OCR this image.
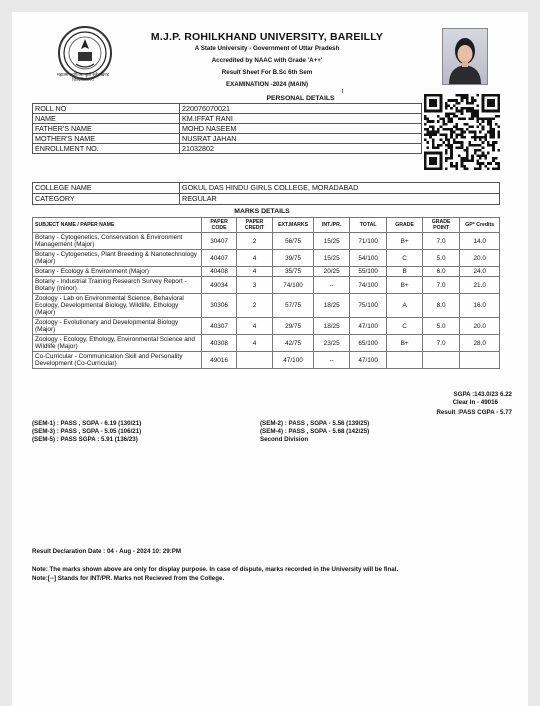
महात्मा ज्योतिबा फुले रुहेलखण्ड विश्वविद्यालय
M.J.P. ROHILKHAND UNIVERSITY, BAREILLY
A State University - Government of Uttar Pradesh
Accredited by NAAC with Grade 'A++'
Result Sheet For B.Sc 6th Sem
EXAMINATION -2024 (MAIN)
	PERSONAL DETAILS
ROLL NO	220076070021
NAME	KM.IFFAT RANI
FATHER'S NAME	MOHD NASEEM
MOTHER'S NAME	NUSRAT JAHAN
ENROLLMENT NO.	21032802
COLLEGE NAME	GOKUL DAS HINDU GIRLS COLLEGE, MORADABAD
CATEGORY	REGULAR
MARKS DETAILS
SUBJECT NAME / PAPER NAME	PAPER CODE	PAPER CREDIT	EXT.MARKS	INT./PR.	TOTAL	GRADE	GRADE POINT	GP* Credits
Botany - Cytogenetics, Conservation & Environment Management (Major)	30407	2	56/75	15/25	71/100	B+	7.0	14.0
Botany - Cytogenetics, Plant Breeding & Nanotechnology (Major)	40407	4	39/75	15/25	54/100	C	5.0	20.0
Botany - Ecology & Environment (Major)	40408	4	35/75	20/25	55/100	B	6.0	24.0
Botany - Industrial Training Research Survey Report - Botany (minor)	49034	3	74/100	--	74/100	B+	7.0	21.0
Zoology - Lab on Environmental Science, Behavioral Ecology, Developmental Biology, Wildlife, Ethology (Major)	30306	2	57/75	18/25	75/100	A	8.0	16.0
Zoology - Evolutionary and Developmental Biology (Major)	40307	4	29/75	18/25	47/100	C	5.0	20.0
Zoology - Ecology, Ethology, Environmental Science and Wildlife (Major)	40308	4	42/75	23/25	65/100	B+	7.0	28.0
Co-Curricular - Communication Skill and Personality Development (Co-Curricular)	49016		47/100	--	47/100			
SGPA :143.0/23 6.22
Clear In - 49016
Result :PASS CGPA - 5.77
(SEM-1) : PASS , SGPA - 6.19 (130/21)
(SEM-3) : PASS , SGPA - 5.05 (106/21)
(SEM-5) : PASS SGPA : 5.91 (136/23)
(SEM-2) : PASS , SGPA - 5.56 (139/25)
(SEM-4) : PASS , SGPA - 5.68 (142/25)
Second Division
Result Declaration Date : 04 - Aug - 2024 10: 29:PM
Note: The marks shown above are only for display purpose. In case of dispute, marks recorded in the University will be final.
Note:[--] Stands for INT/PR. Marks not Recieved from the College.
